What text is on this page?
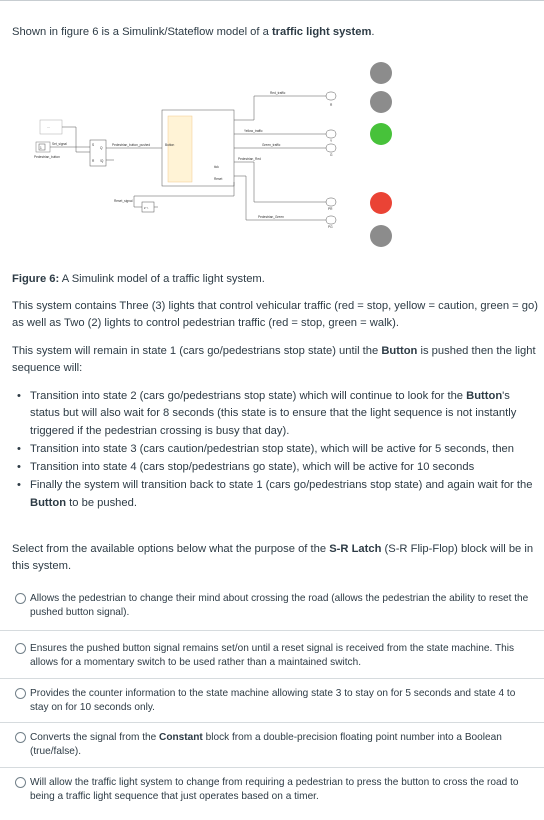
Shown in figure 6 is a Simulink/Stateflow model of a traffic light system.
...
1
Set_signal
Pedestrian_button
S
R
Q
!Q
Pedestrian_button_pushed	Button
Reset_signal
z⁻¹
Red_traffic
Yellow_traffic
Green_traffic
Pedestrian_Red
Pedestrian_Green
Reset
tick
R
Y
G
PR
PG
Figure 6: A Simulink model of a traffic light system.

This system contains Three (3) lights that control vehicular traffic (red = stop, yellow = caution, green = go) as well as Two (2) lights to control pedestrian traffic (red = stop, green = walk).

This system will remain in state 1 (cars go/pedestrians stop state) until the Button is pushed then the light sequence will:

• Transition into state 2 (cars go/pedestrians stop state) which will continue to look for the Button's status but will also wait for 8 seconds (this state is to ensure that the light sequence is not instantly triggered if the pedestrian crossing is busy that day).
• Transition into state 3 (cars caution/pedestrian stop state), which will be active for 5 seconds, then
• Transition into state 4 (cars stop/pedestrians go state), which will be active for 10 seconds
• Finally the system will transition back to state 1 (cars go/pedestrians stop state) and again wait for the Button to be pushed.

Select from the available options below what the purpose of the S-R Latch (S-R Flip-Flop) block will be in this system.

Allows the pedestrian to change their mind about crossing the road (allows the pedestrian the ability to reset the pushed button signal).
Ensures the pushed button signal remains set/on until a reset signal is received from the state machine. This allows for a momentary switch to be used rather than a maintained switch.
Provides the counter information to the state machine allowing state 3 to stay on for 5 seconds and state 4 to stay on for 10 seconds only.
Converts the signal from the Constant block from a double-precision floating point number into a Boolean (true/false).
Will allow the traffic light system to change from requiring a pedestrian to press the button to cross the road to being a traffic light sequence that just operates based on a timer.
